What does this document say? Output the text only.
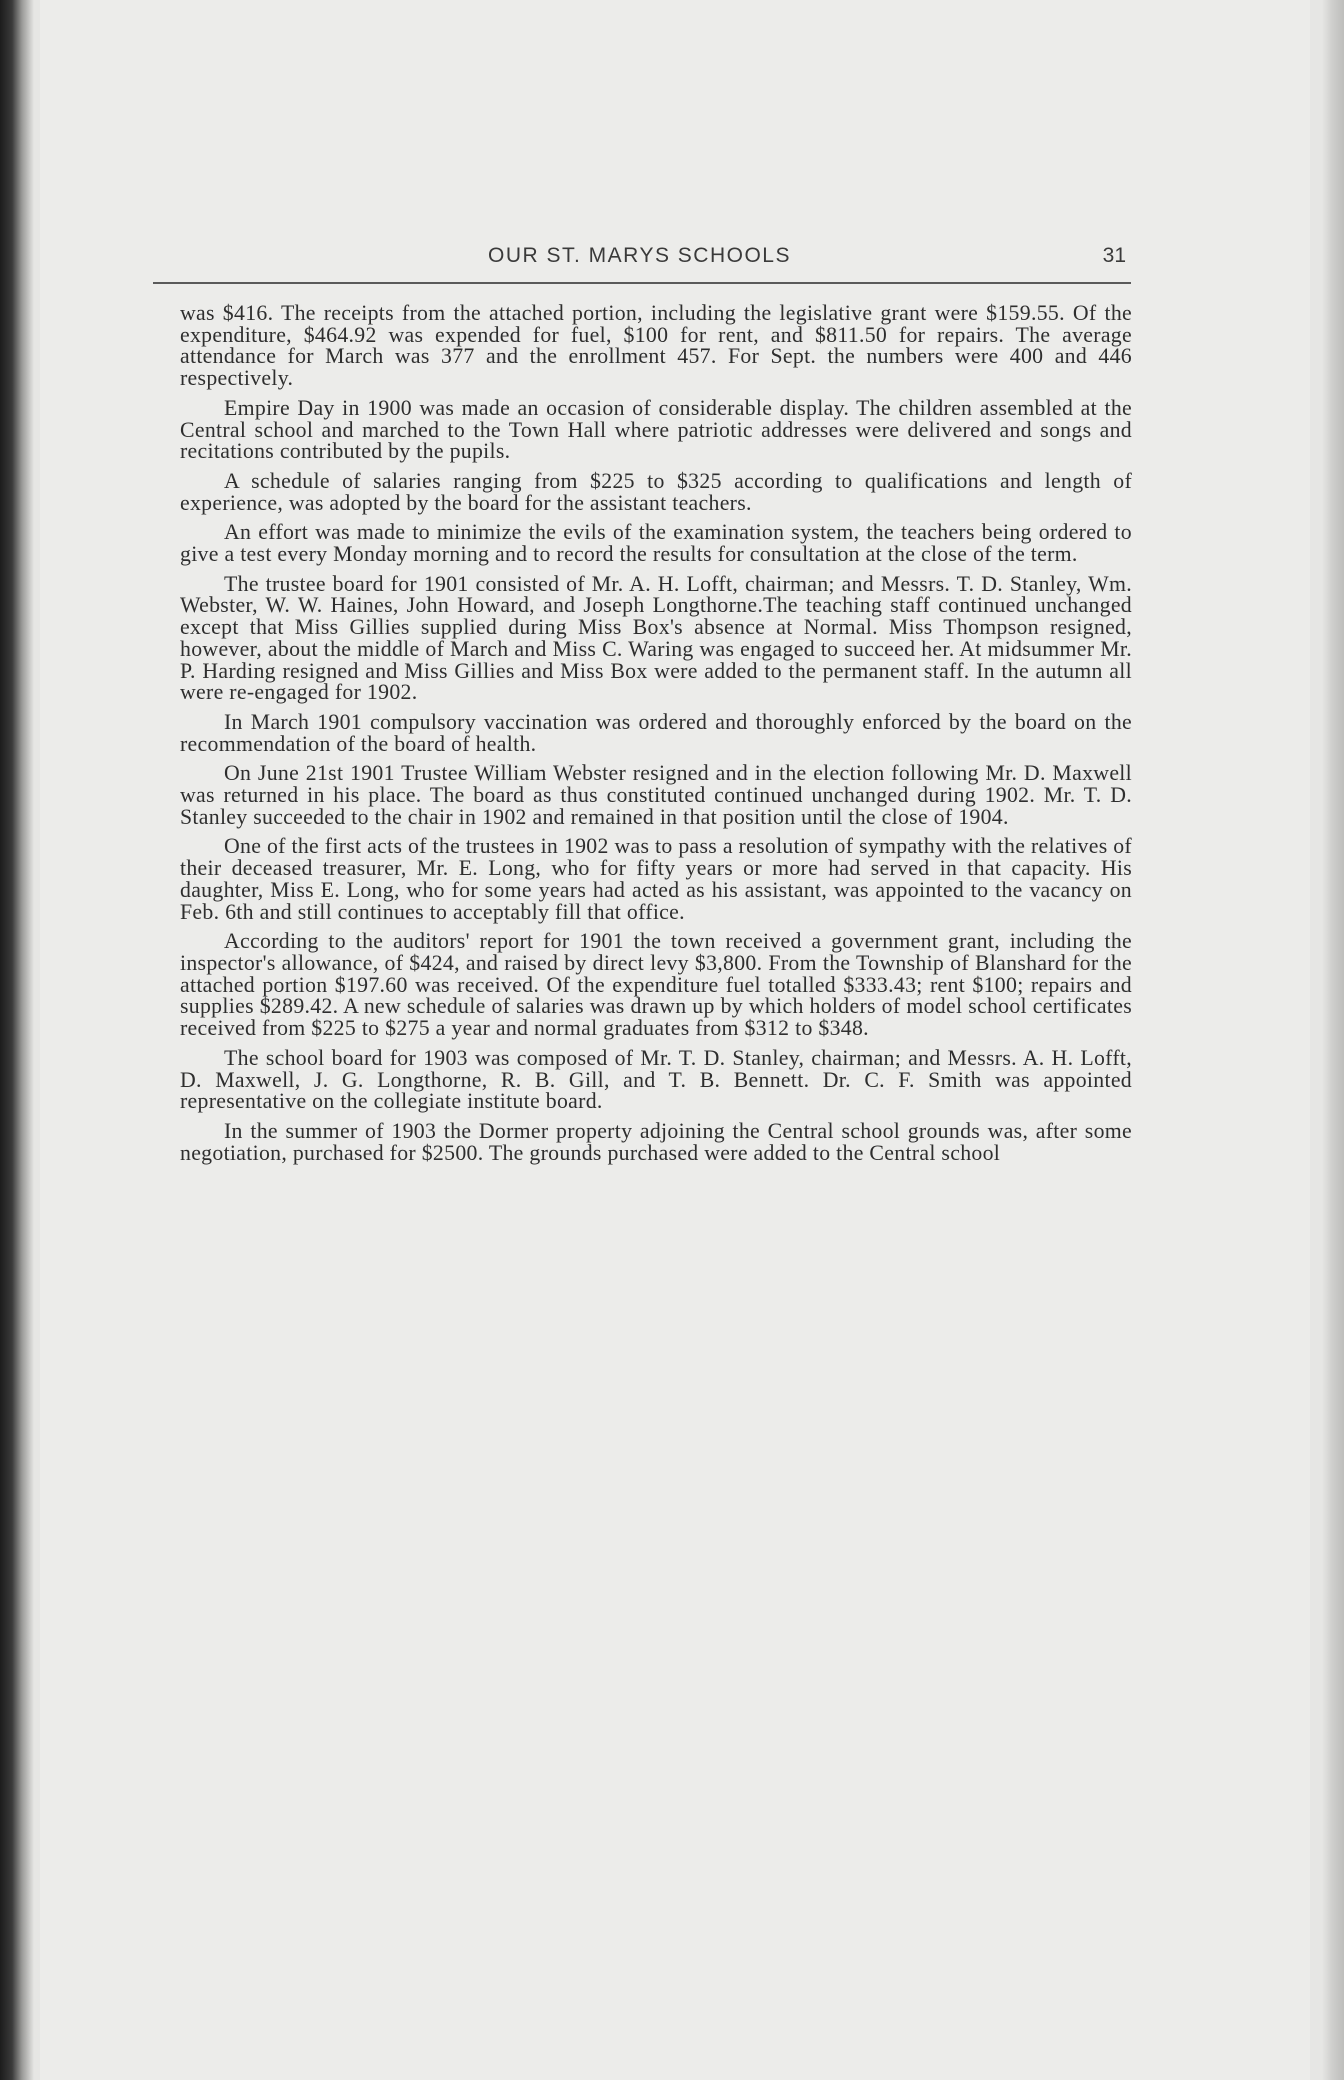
OUR ST. MARYS SCHOOLS	31

was $416. The receipts from the attached portion, including the legislative grant were $159.55. Of the expenditure, $464.92 was expended for fuel, $100 for rent, and $811.50 for repairs. The average attendance for March was 377 and the enrollment 457. For Sept. the numbers were 400 and 446 respectively.

Empire Day in 1900 was made an occasion of considerable display. The children assembled at the Central school and marched to the Town Hall where patriotic addresses were delivered and songs and recitations contributed by the pupils.

A schedule of salaries ranging from $225 to $325 according to qualifications and length of experience, was adopted by the board for the assistant teachers.

An effort was made to minimize the evils of the examination system, the teachers being ordered to give a test every Monday morning and to record the results for consultation at the close of the term.

The trustee board for 1901 consisted of Mr. A. H. Lofft, chairman; and Messrs. T. D. Stanley, Wm. Webster, W. W. Haines, John Howard, and Joseph Longthorne.The teaching staff continued unchanged except that Miss Gillies supplied during Miss Box's absence at Normal. Miss Thompson resigned, however, about the middle of March and Miss C. Waring was engaged to succeed her. At midsummer Mr. P. Harding resigned and Miss Gillies and Miss Box were added to the permanent staff. In the autumn all were re-engaged for 1902.

In March 1901 compulsory vaccination was ordered and thoroughly enforced by the board on the recommendation of the board of health.

On June 21st 1901 Trustee William Webster resigned and in the election following Mr. D. Maxwell was returned in his place. The board as thus constituted continued unchanged during 1902. Mr. T. D. Stanley succeeded to the chair in 1902 and remained in that position until the close of 1904.

One of the first acts of the trustees in 1902 was to pass a resolution of sympathy with the relatives of their deceased treasurer, Mr. E. Long, who for fifty years or more had served in that capacity. His daughter, Miss E. Long, who for some years had acted as his assistant, was appointed to the vacancy on Feb. 6th and still continues to acceptably fill that office.

According to the auditors' report for 1901 the town received a government grant, including the inspector's allowance, of $424, and raised by direct levy $3,800. From the Township of Blanshard for the attached portion $197.60 was received. Of the expenditure fuel totalled $333.43; rent $100; repairs and supplies $289.42. A new schedule of salaries was drawn up by which holders of model school certificates received from $225 to $275 a year and normal graduates from $312 to $348.

The school board for 1903 was composed of Mr. T. D. Stanley, chairman; and Messrs. A. H. Lofft, D. Maxwell, J. G. Longthorne, R. B. Gill, and T. B. Bennett. Dr. C. F. Smith was appointed representative on the collegiate institute board.

In the summer of 1903 the Dormer property adjoining the Central school grounds was, after some negotiation, purchased for $2500. The grounds purchased were added to the Central school
